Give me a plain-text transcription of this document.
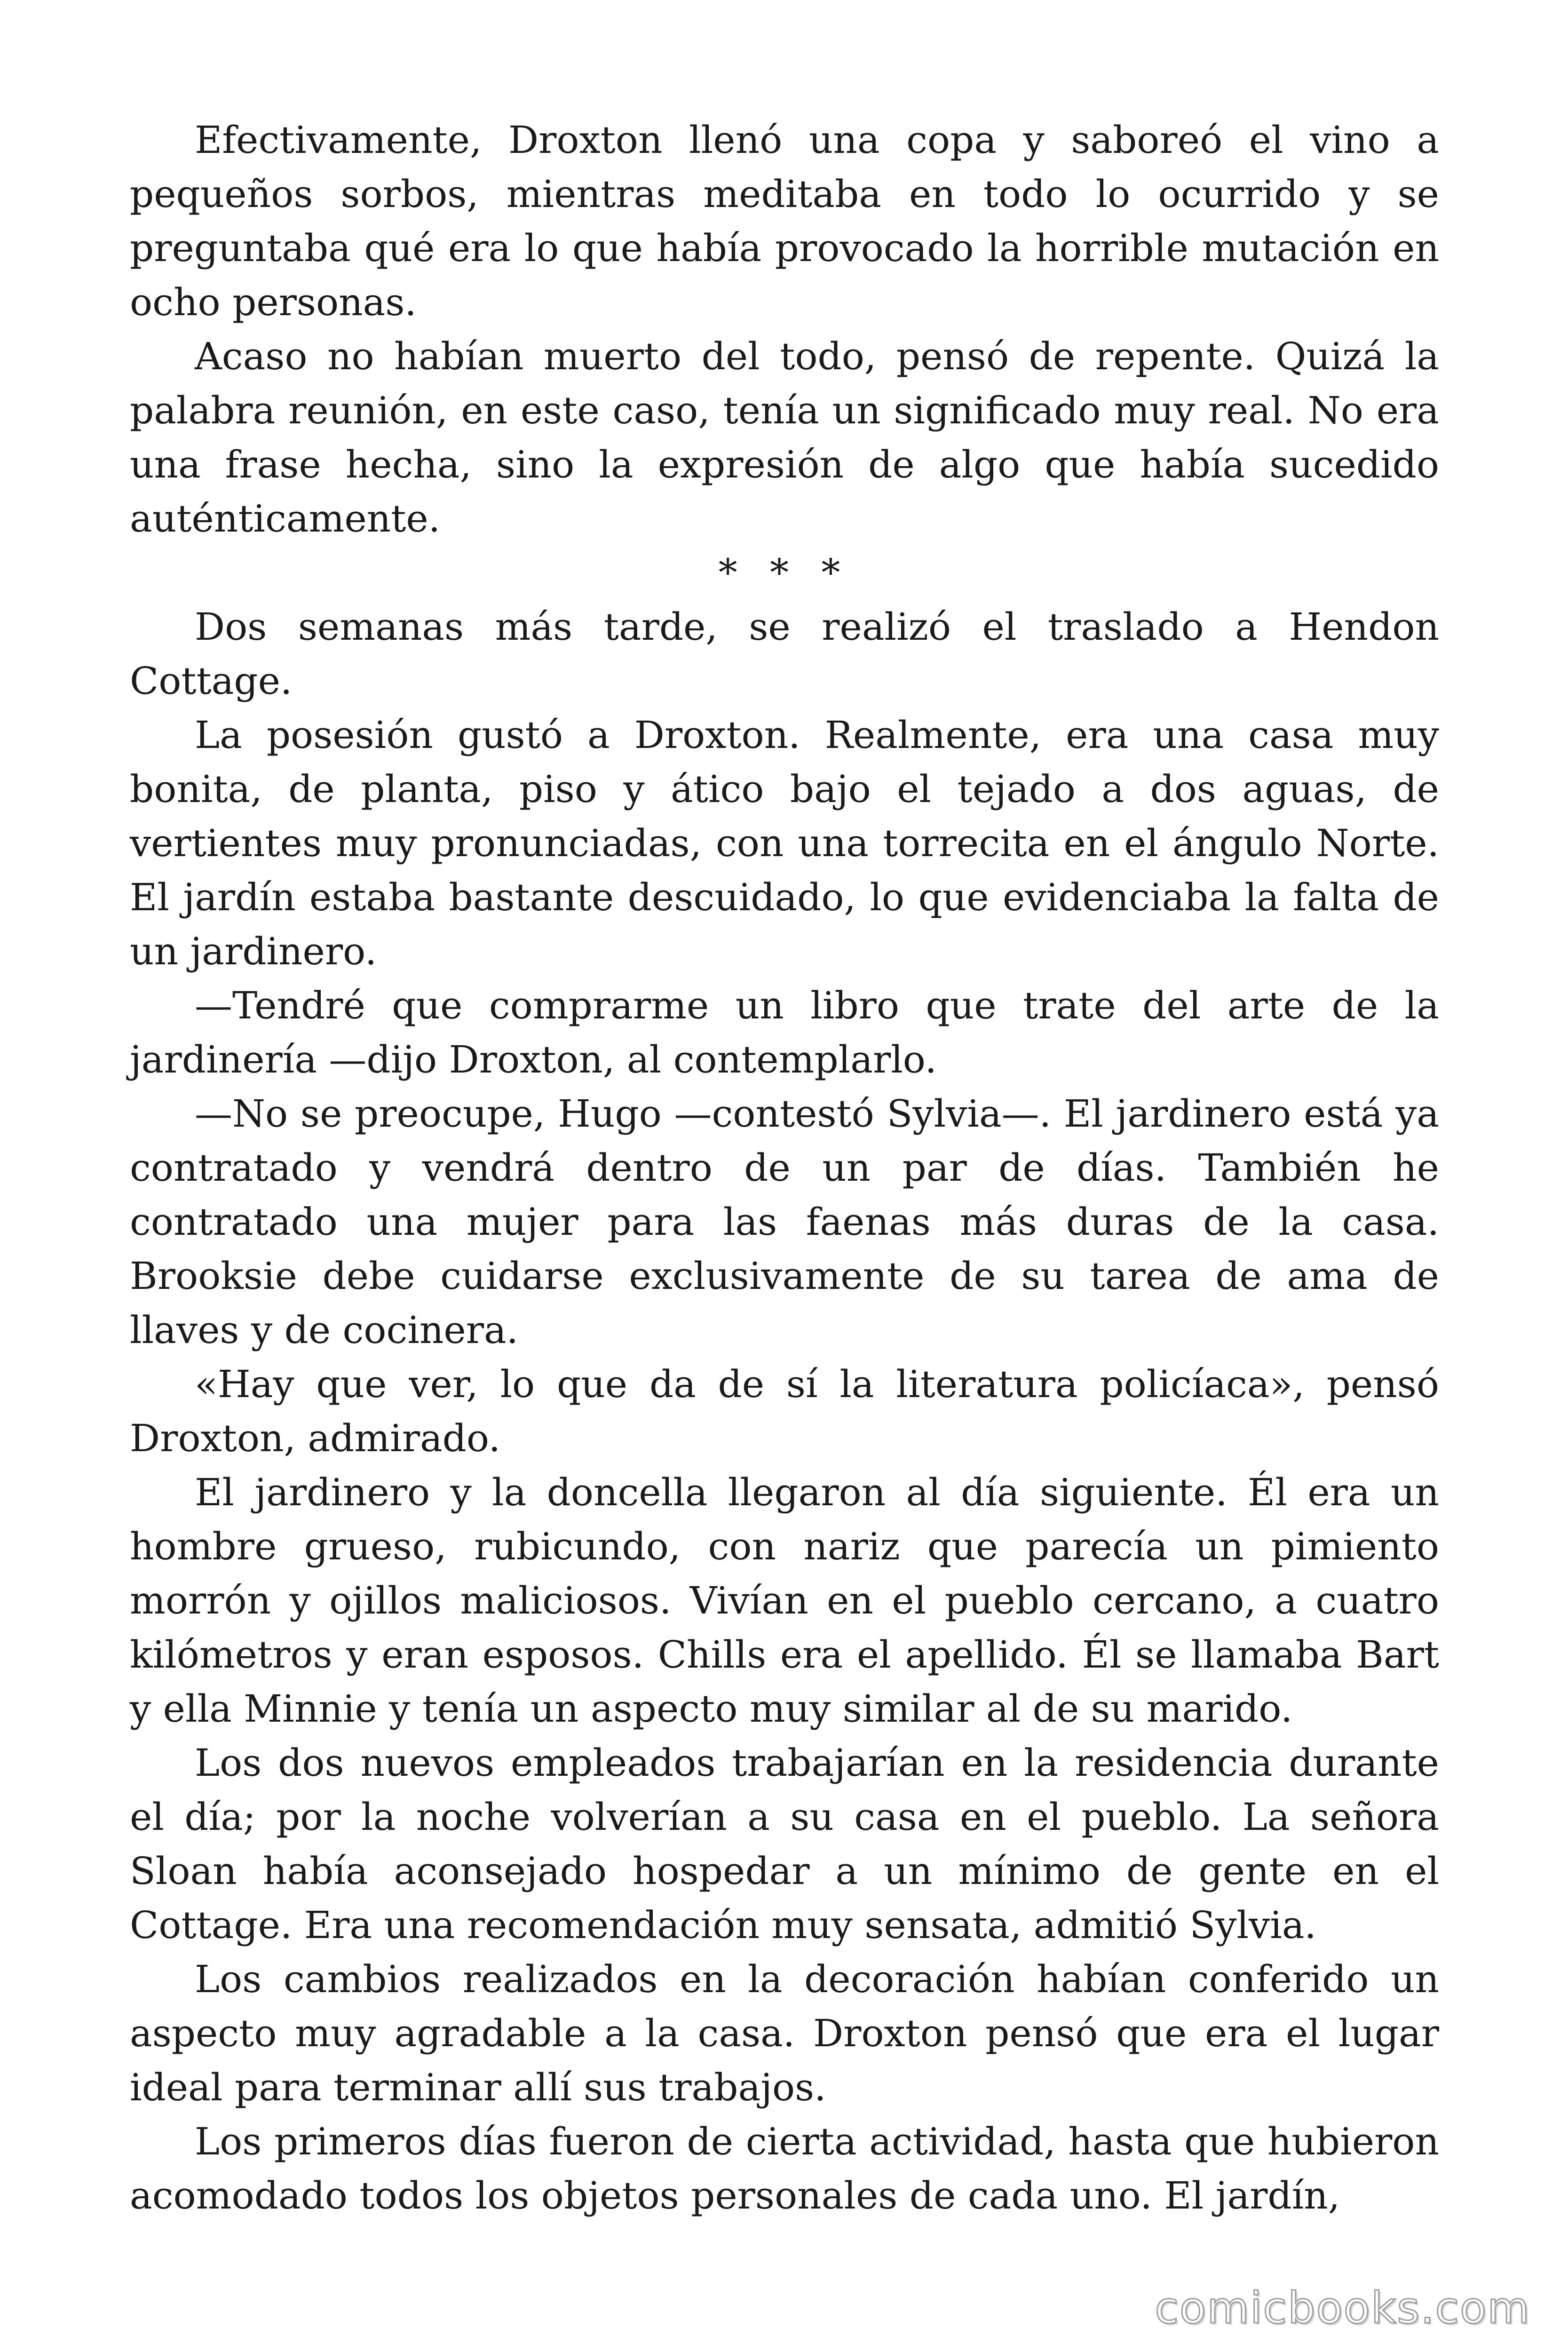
Efectivamente, Droxton llenó una copa y saboreó el vino a pequeños sorbos, mientras meditaba en todo lo ocurrido y se preguntaba qué era lo que había provocado la horrible mutación en ocho personas.

Acaso no habían muerto del todo, pensó de repente. Quizá la palabra reunión, en este caso, tenía un significado muy real. No era una frase hecha, sino la expresión de algo que había sucedido auténticamente.

* * *

Dos semanas más tarde, se realizó el traslado a Hendon Cottage.

La posesión gustó a Droxton. Realmente, era una casa muy bonita, de planta, piso y ático bajo el tejado a dos aguas, de vertientes muy pronunciadas, con una torrecita en el ángulo Norte. El jardín estaba bastante descuidado, lo que evidenciaba la falta de un jardinero.

—Tendré que comprarme un libro que trate del arte de la jardinería —dijo Droxton, al contemplarlo.

—No se preocupe, Hugo —contestó Sylvia—. El jardinero está ya contratado y vendrá dentro de un par de días. También he contratado una mujer para las faenas más duras de la casa. Brooksie debe cuidarse exclusivamente de su tarea de ama de llaves y de cocinera.

«Hay que ver, lo que da de sí la literatura policíaca», pensó Droxton, admirado.

El jardinero y la doncella llegaron al día siguiente. Él era un hombre grueso, rubicundo, con nariz que parecía un pimiento morrón y ojillos maliciosos. Vivían en el pueblo cercano, a cuatro kilómetros y eran esposos. Chills era el apellido. Él se llamaba Bart y ella Minnie y tenía un aspecto muy similar al de su marido.

Los dos nuevos empleados trabajarían en la residencia durante el día; por la noche volverían a su casa en el pueblo. La señora Sloan había aconsejado hospedar a un mínimo de gente en el Cottage. Era una recomendación muy sensata, admitió Sylvia.

Los cambios realizados en la decoración habían conferido un aspecto muy agradable a la casa. Droxton pensó que era el lugar ideal para terminar allí sus trabajos.

Los primeros días fueron de cierta actividad, hasta que hubieron acomodado todos los objetos personales de cada uno. El jardín,

comicbooks.com
